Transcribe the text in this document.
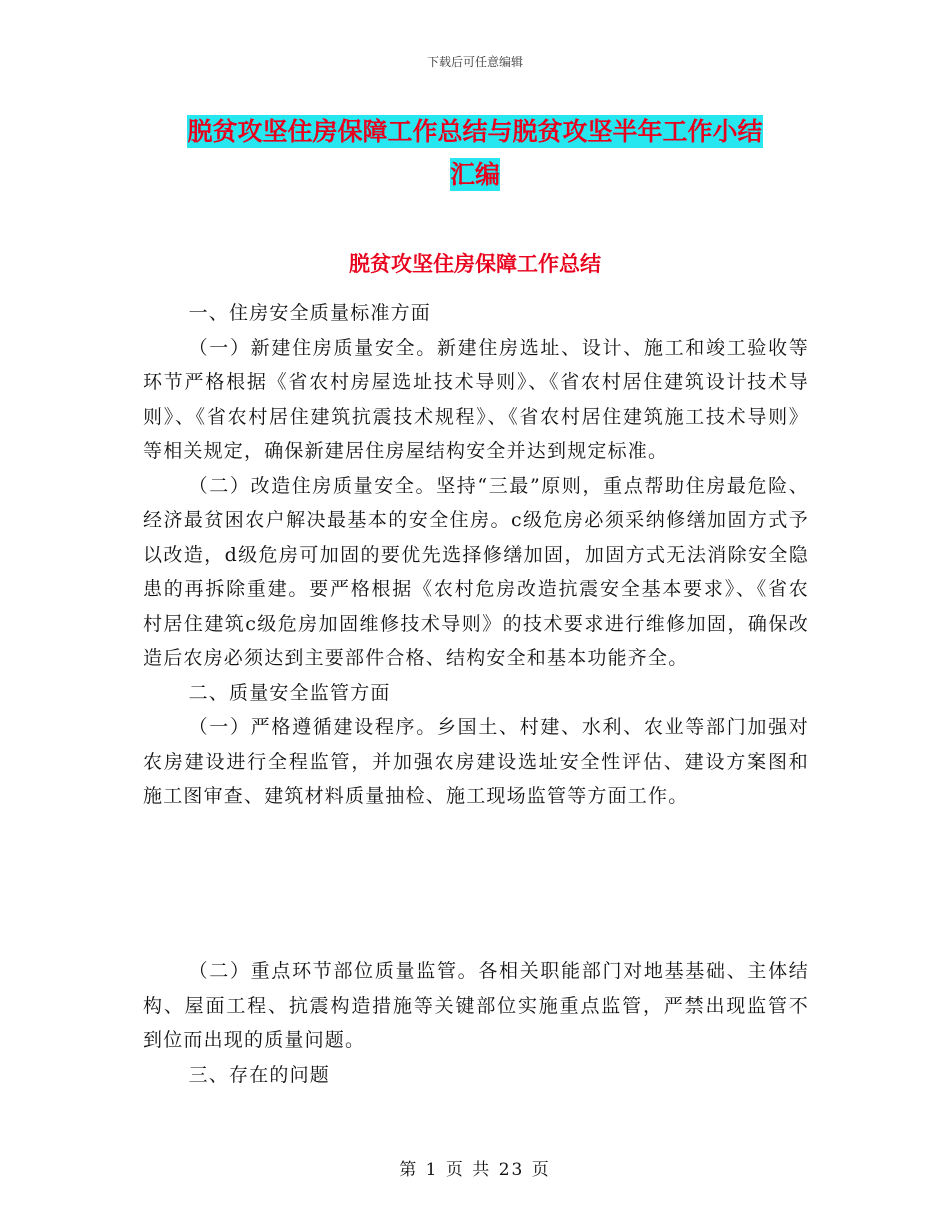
下载后可任意编辑
脱贫攻坚住房保障工作总结与脱贫攻坚半年工作小结
汇编
脱贫攻坚住房保障工作总结

一、住房安全质量标准方面

（一）新建住房质量安全。新建住房选址、设计、施工和竣工验收等环节严格根据《省农村房屋选址技术导则》、《省农村居住建筑设计技术导则》、《省农村居住建筑抗震技术规程》、《省农村居住建筑施工技术导则》等相关规定，确保新建居住房屋结构安全并达到规定标准。

（二）改造住房质量安全。坚持“三最”原则，重点帮助住房最危险、经济最贫困农户解决最基本的安全住房。c级危房必须采纳修缮加固方式予以改造，d级危房可加固的要优先选择修缮加固，加固方式无法消除安全隐患的再拆除重建。要严格根据《农村危房改造抗震安全基本要求》、《省农村居住建筑c级危房加固维修技术导则》的技术要求进行维修加固，确保改造后农房必须达到主要部件合格、结构安全和基本功能齐全。

二、质量安全监管方面

（一）严格遵循建设程序。乡国土、村建、水利、农业等部门加强对农房建设进行全程监管，并加强农房建设选址安全性评估、建设方案图和施工图审查、建筑材料质量抽检、施工现场监管等方面工作。

（二）重点环节部位质量监管。各相关职能部门对地基基础、主体结构、屋面工程、抗震构造措施等关键部位实施重点监管，严禁出现监管不到位而出现的质量问题。

三、存在的问题

第 1 页 共 23 页
